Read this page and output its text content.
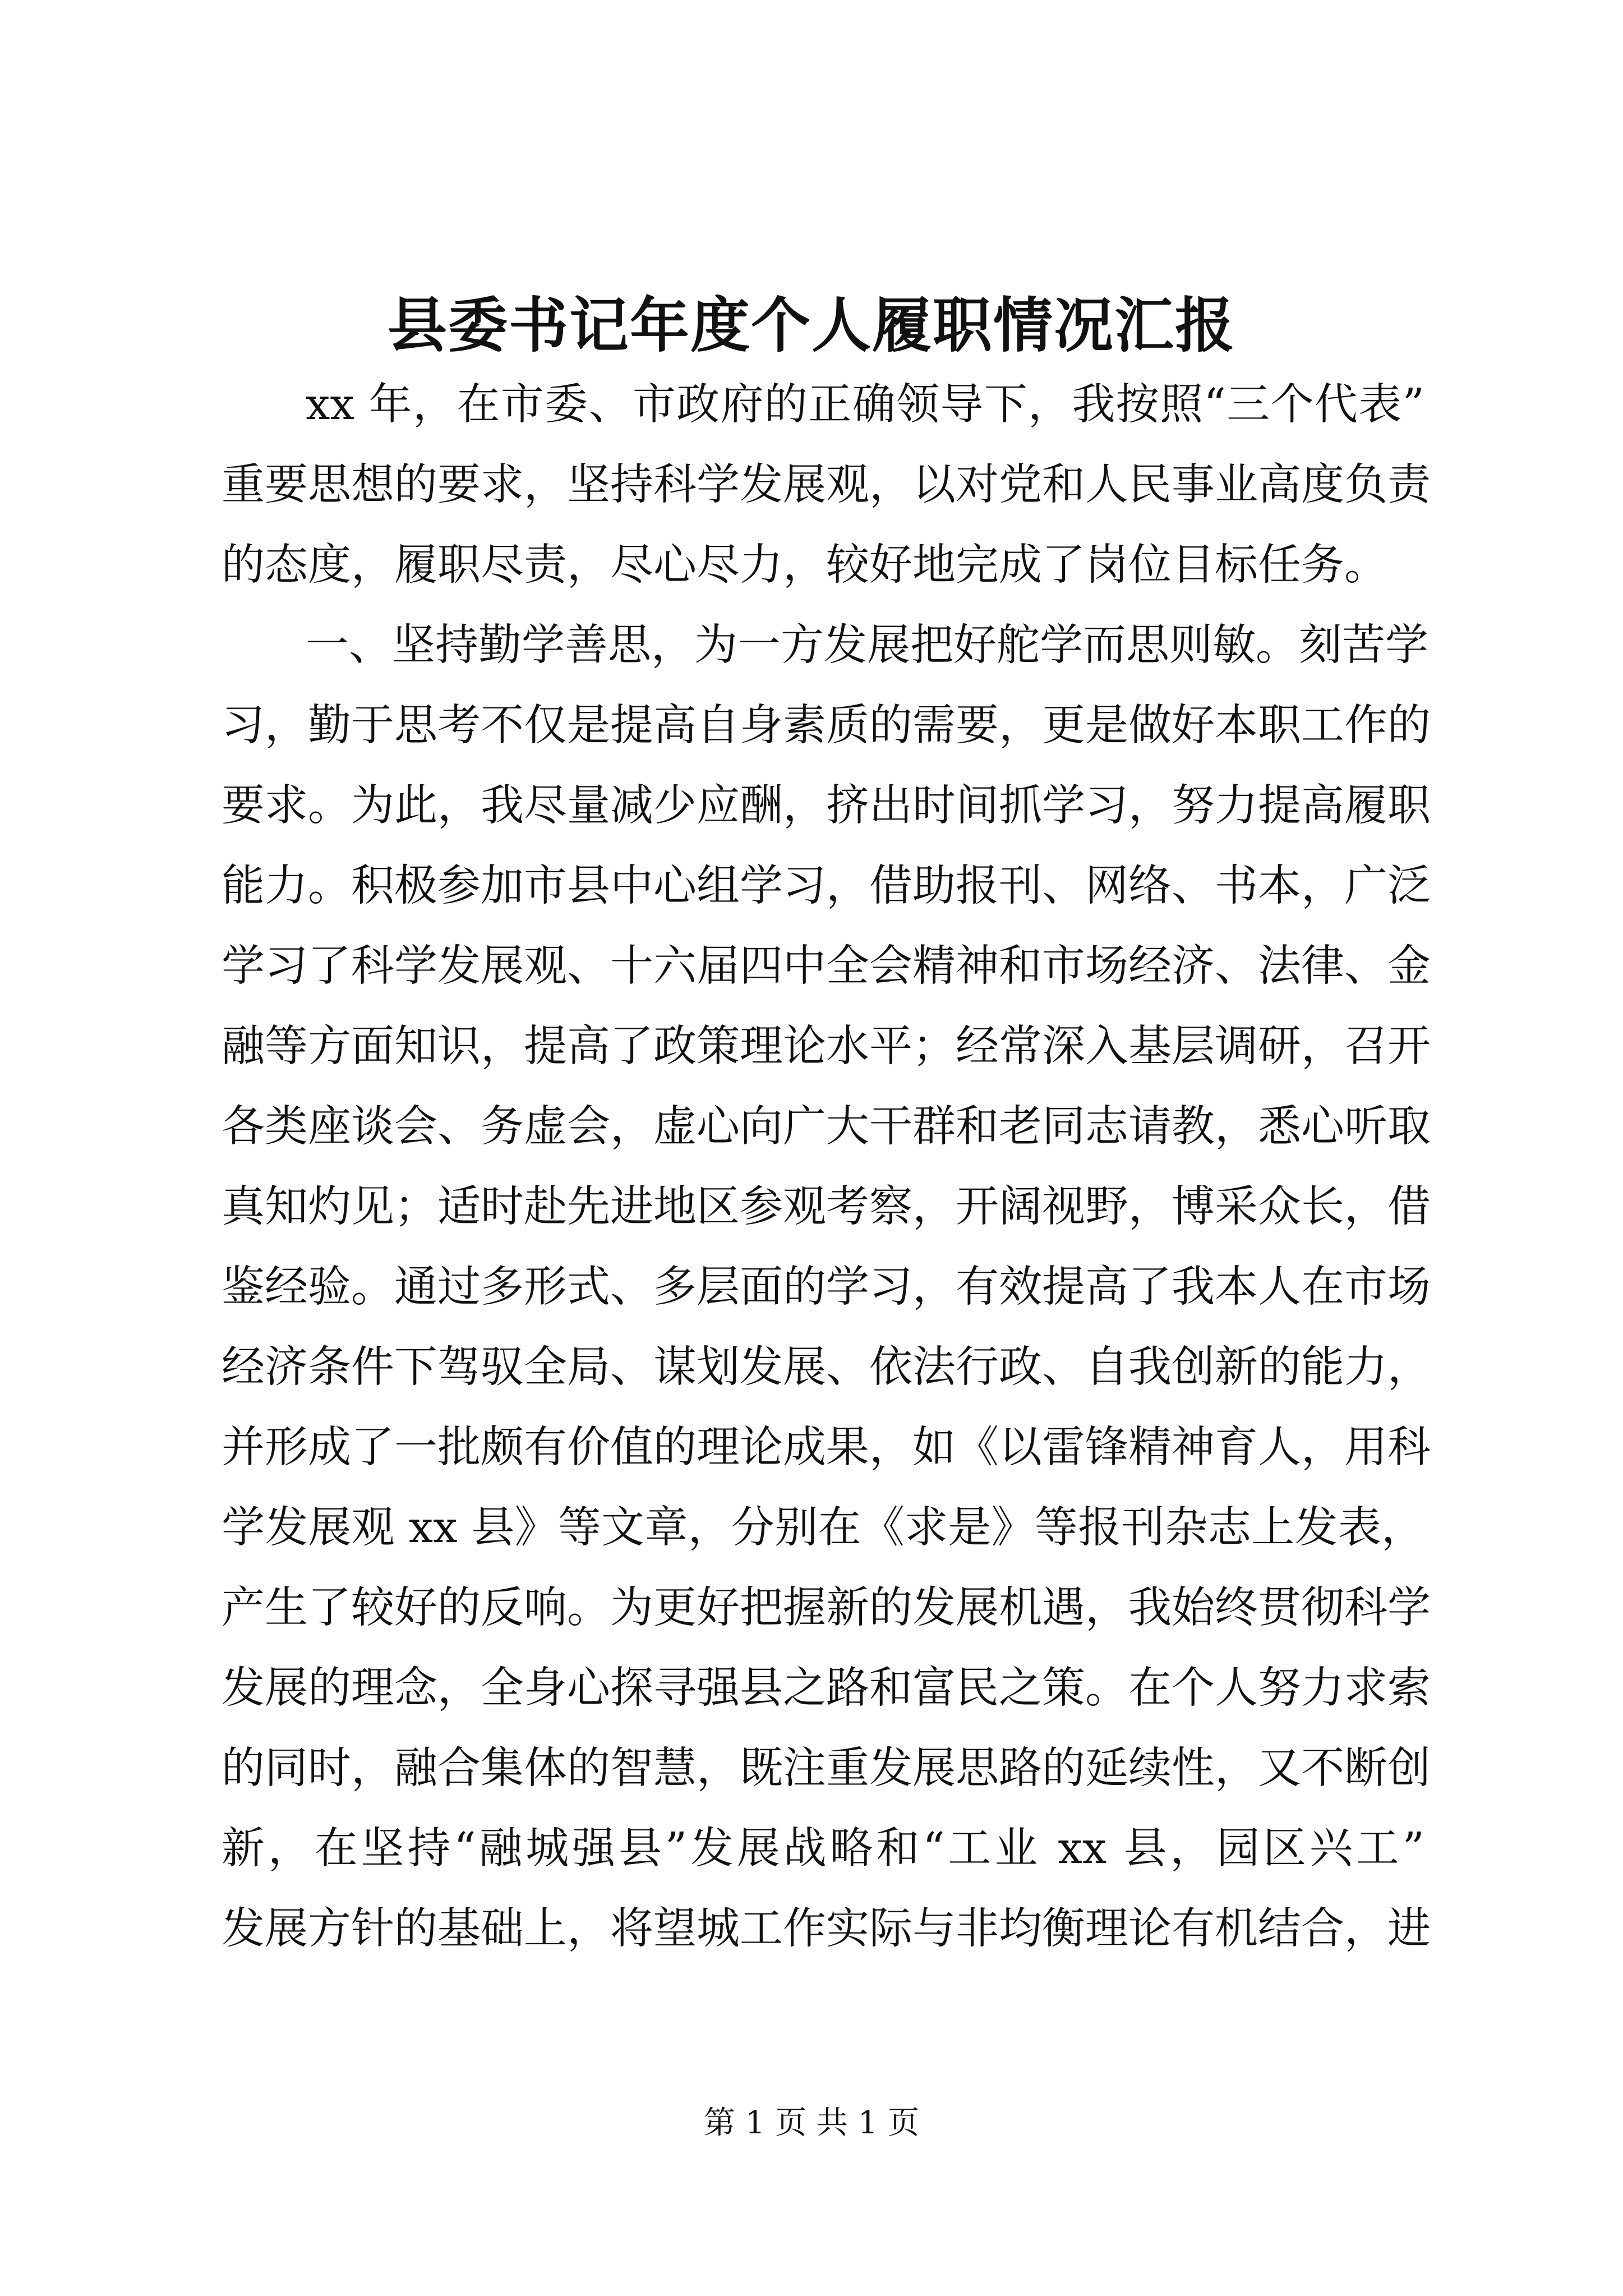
县委书记年度个人履职情况汇报
xx 年，在市委、市政府的正确领导下，我按照“三个代表”
重要思想的要求，坚持科学发展观，以对党和人民事业高度负责
的态度，履职尽责，尽心尽力，较好地完成了岗位目标任务。
一、坚持勤学善思，为一方发展把好舵学而思则敏。刻苦学
习，勤于思考不仅是提高自身素质的需要，更是做好本职工作的
要求。为此，我尽量减少应酬，挤出时间抓学习，努力提高履职
能力。积极参加市县中心组学习，借助报刊、网络、书本，广泛
学习了科学发展观、十六届四中全会精神和市场经济、法律、金
融等方面知识，提高了政策理论水平；经常深入基层调研，召开
各类座谈会、务虚会，虚心向广大干群和老同志请教，悉心听取
真知灼见；适时赴先进地区参观考察，开阔视野，博采众长，借
鉴经验。通过多形式、多层面的学习，有效提高了我本人在市场
经济条件下驾驭全局、谋划发展、依法行政、自我创新的能力，
并形成了一批颇有价值的理论成果，如《以雷锋精神育人，用科
学发展观 xx 县》等文章，分别在《求是》等报刊杂志上发表，
产生了较好的反响。为更好把握新的发展机遇，我始终贯彻科学
发展的理念，全身心探寻强县之路和富民之策。在个人努力求索
的同时，融合集体的智慧，既注重发展思路的延续性，又不断创
新，在坚持“融城强县”发展战略和“工业 xx 县，园区兴工”
发展方针的基础上，将望城工作实际与非均衡理论有机结合，进
第 1 页 共 1 页
